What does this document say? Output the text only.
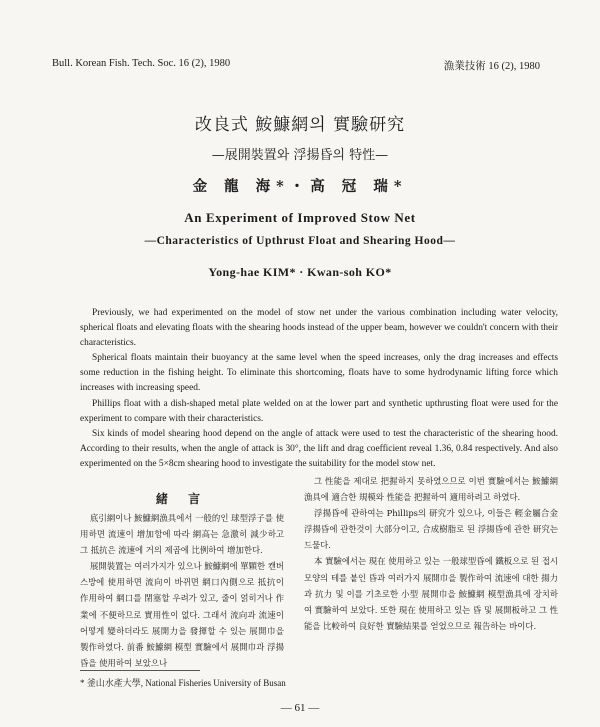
Bull. Korean Fish. Tech. Soc. 16 (2), 1980	漁業技術 16 (2), 1980
改良式 鮟鱇網의 實驗研究
—展開裝置와 浮揚昏의 特性—
金 龍 海*・高 冠 瑞*
An Experiment of Improved Stow Net
—Characteristics of Upthrust Float and Shearing Hood—
Yong-hae KIM* · Kwan-soh KO*

Previously, we had experimented on the model of stow net under the various combination including water velocity, spherical floats and elevating floats with the shearing hoods instead of the upper beam, however we couldn't concern with their characteristics.

Spherical floats maintain their buoyancy at the same level when the speed increases, only the drag increases and effects some reduction in the fishing height. To eliminate this shortcoming, floats have to some hydrodynamic lifting force which increases with increasing speed.

Phillips float with a dish-shaped metal plate welded on at the lower part and synthetic upthrusting float were used for the experiment to compare with their characteristics.

Six kinds of model shearing hood depend on the angle of attack were used to test the characteristic of the shearing hood. According to their results, when the angle of attack is 30°, the lift and drag coefficient reveal 1.36, 0.84 respectively. And also experimented on the 5×8cm shearing hood to investigate the suitability for the model stow net.

緒 言

底引網이나 鮟鱇網漁具에서 一般的인 球型浮子를 使用하면 流速이 增加함에 따라 網高는 急激히 減少하고 그 抵抗은 流速에 거의 제곱에 比例하여 增加한다.

展開裝置는 여러가지가 있으나 鮟鱇網에 單顆한 캔버스방에 使用하면 流向이 바뀌면 網口內側으로 抵抗이 作用하여 網口를 閉塞할 우려가 있고, 줄이 얽히거나 作業에 不便하므로 實用性이 없다. 그래서 流向과 流速이 어떻게 變하더라도 展開力을 發揮할 수 있는 展開巾을 製作하였다. 前番 鮟鱇網 模型 實驗에서 展開巾과 浮揚昏을 使用하여 보았으나

그 性能을 제대로 把握하지 못하였으므로 이번 實驗에서는 鮟鱇網 漁具에 適合한 規模와 性能을 把握하여 適用하려고 하였다.

浮揚昏에 관하여는 Phillips의 研究가 있으나, 이들은 輕金屬合金 浮揚昏에 관한것이 大部分이고, 合成樹脂로 된 浮揚昏에 관한 研究는 드물다.

本 實驗에서는 現在 使用하고 있는 一般球型昏에 鐵板으로 된 접시 모양의 테를 붙인 昏과 여러가지 展開巾을 製作하여 流速에 대한 揚力과 抗力 및 이를 기초로한 小型 展開巾을 鮟鱇網 模型漁具에 장치하여 實驗하여 보았다. 또한 現在 使用하고 있는 昏 및 展開板하고 그 性能을 比較하여 良好한 實驗結果를 얻었으므로 報告하는 바이다.

* 釜山水產大學, National Fisheries University of Busan
— 61 —
